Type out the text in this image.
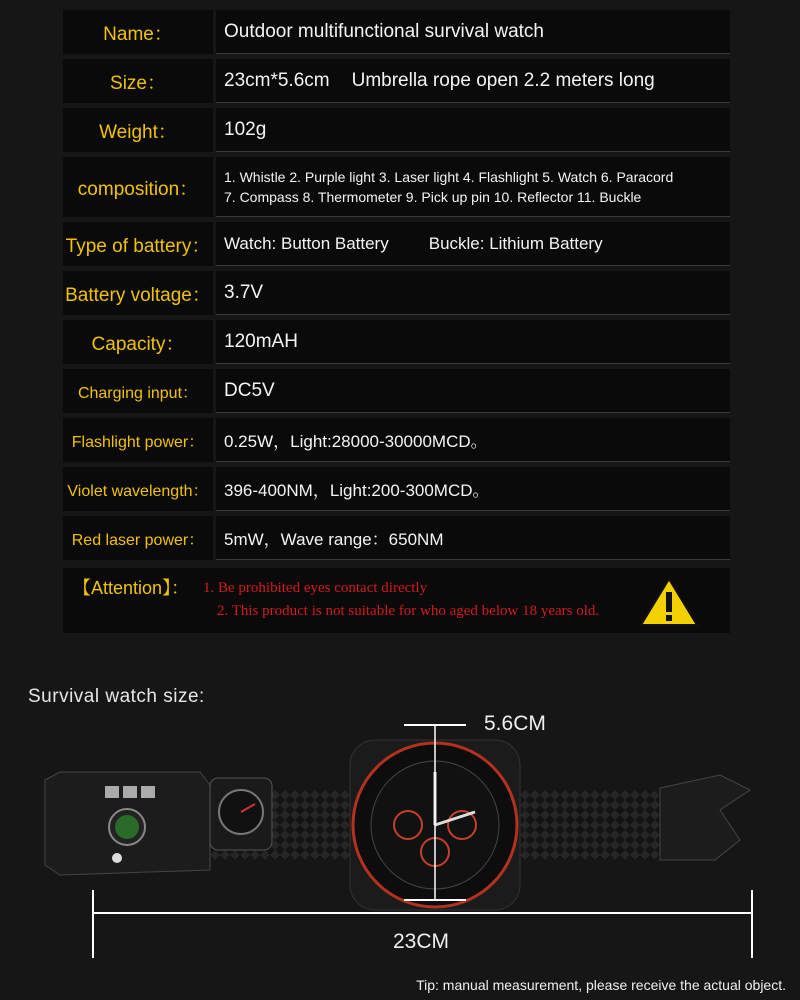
Name：	Outdoor multifunctional survival watch
Size：	23cm*5.6cm Umbrella rope open 2.2 meters long
Weight：	102g
composition：
1. Whistle 2. Purple light 3. Laser light 4. Flashlight 5. Watch 6. Paracord
7. Compass 8. Thermometer 9. Pick up pin 10. Reflector 11. Buckle
Type of battery： Watch: Button Battery Buckle: Lithium Battery
Battery voltage： 3.7V
Capacity：	120mAH
Charging input：	DC5V
Flashlight power：	0.25W，Light:28000-30000MCD。
Violet wavelength： 396-400NM，Light:200-300MCD。
Red laser power：	5mW，Wave range：650NM
【Attention】： 1. Be prohibited eyes contact directly
2. This product is not suitable for who aged below 18 years old.
Survival watch size:
5.6CM
23CM
Tip: manual measurement, please receive the actual object.
